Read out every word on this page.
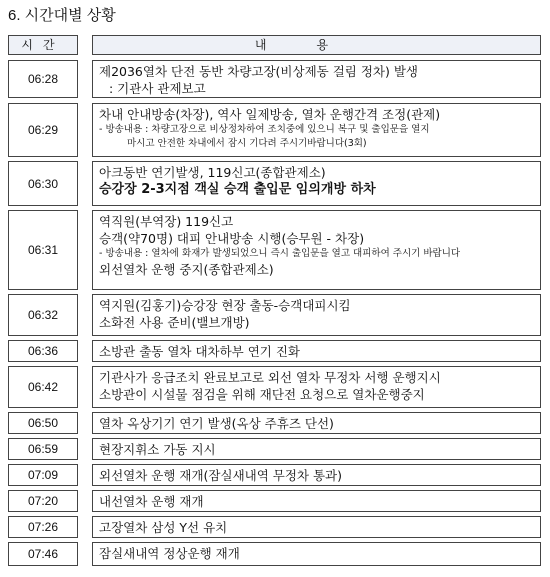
6. 시간대별 상황
시간	내용
06:28	제2036열차 단전 동반 차량고장(비상제동 걸림 정차) 발생
: 기관사 관제보고
06:29
차내 안내방송(차장), 역사 일제방송, 열차 운행간격 조정(관제)
- 방송내용 : 차량고장으로 비상정차하여 조치중에 있으니 복구 및 출입문을 열지
마시고 안전한 차내에서 잠시 기다려 주시기바랍니다(3회)
06:30
아크동반 연기발생, 119신고(종합관제소)
승강장 2-3지점 객실 승객 출입문 임의개방 하차
06:31
역직원(부역장) 119신고
승객(약70명) 대피 안내방송 시행(승무원 - 차장)
- 방송내용 : 열차에 화재가 발생되었으니 즉시 출입문을 열고 대피하여 주시기 바랍니다
외선열차 운행 중지(종합관제소)
06:32
역지원(김홍기)승강장 현장 출동-승객대피시킴
소화전 사용 준비(밸브개방)
06:36	소방관 출동 열차 대차하부 연기 진화
06:42
기관사가 응급조치 완료보고로 외선 열차 무정차 서행 운행지시
소방관이 시설물 점검을 위해 재단전 요청으로 열차운행중지
06:50	열차 옥상기기 연기 발생(옥상 주휴즈 단선)
06:59	현장지휘소 가동 지시
07:09	외선열차 운행 재개(잠실새내역 무정차 통과)
07:20	내선열차 운행 재개
07:26	고장열차 삼성 Y선 유치
07:46	잠실새내역 정상운행 재개
